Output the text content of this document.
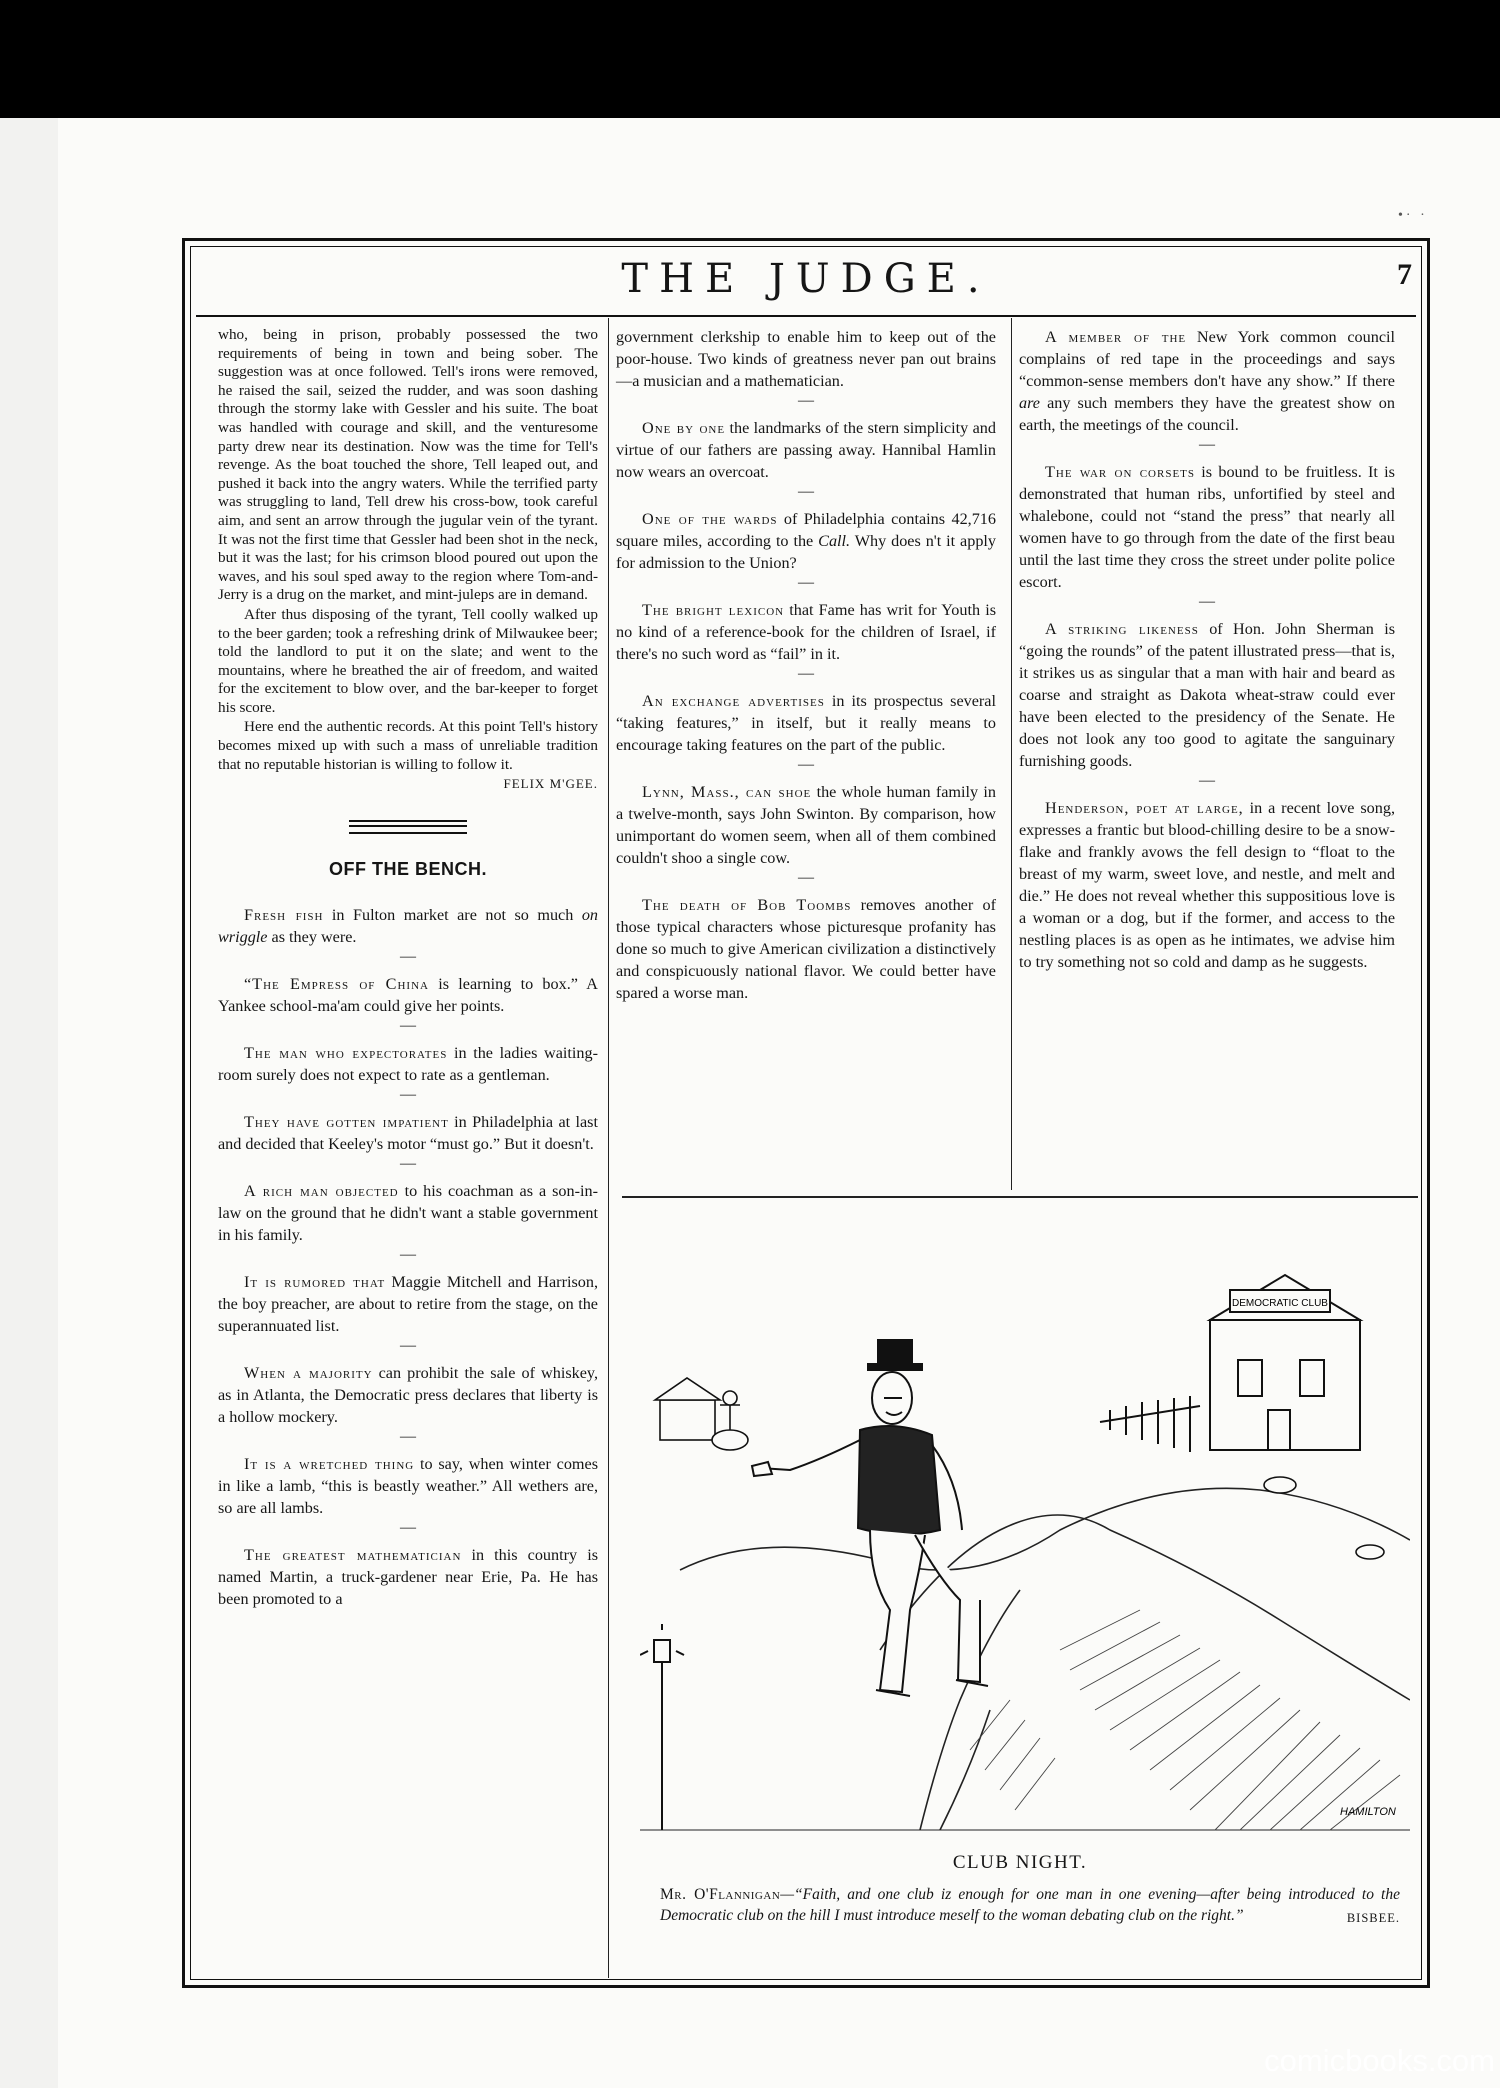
•· ·
THE JUDGE.	7

who, being in prison, probably possessed the two requirements of being in town and being sober. The suggestion was at once followed. Tell's irons were removed, he raised the sail, seized the rudder, and was soon dashing through the stormy lake with Gessler and his suite. The boat was handled with courage and skill, and the venturesome party drew near its destination. Now was the time for Tell's revenge. As the boat touched the shore, Tell leaped out, and pushed it back into the angry waters. While the terrified party was struggling to land, Tell drew his cross-bow, took careful aim, and sent an arrow through the jugular vein of the tyrant. It was not the first time that Gessler had been shot in the neck, but it was the last; for his crimson blood poured out upon the waves, and his soul sped away to the region where Tom-and-Jerry is a drug on the market, and mint-juleps are in demand.

After thus disposing of the tyrant, Tell coolly walked up to the beer garden; took a refreshing drink of Milwaukee beer; told the landlord to put it on the slate; and went to the mountains, where he breathed the air of freedom, and waited for the excitement to blow over, and the bar-keeper to forget his score.

Here end the authentic records. At this point Tell's history becomes mixed up with such a mass of unreliable tradition that no reputable historian is willing to follow it.

FELIX M'GEE.

OFF THE BENCH.

Fresh fish in Fulton market are not so much on wriggle as they were.

—

“The Empress of China is learning to box.” A Yankee school-ma'am could give her points.

—

The man who expectorates in the ladies waiting-room surely does not expect to rate as a gentleman.

—

They have gotten impatient in Philadelphia at last and decided that Keeley's motor “must go.” But it doesn't.

—

A rich man objected to his coachman as a son-in-law on the ground that he didn't want a stable government in his family.

—

It is rumored that Maggie Mitchell and Harrison, the boy preacher, are about to retire from the stage, on the superannuated list.

—

When a majority can prohibit the sale of whiskey, as in Atlanta, the Democratic press declares that liberty is a hollow mockery.

—

It is a wretched thing to say, when winter comes in like a lamb, “this is beastly weather.” All wethers are, so are all lambs.

—

The greatest mathematician in this country is named Martin, a truck-gardener near Erie, Pa. He has been promoted to a

government clerkship to enable him to keep out of the poor-house. Two kinds of greatness never pan out brains—a musician and a mathematician.

—

One by one the landmarks of the stern simplicity and virtue of our fathers are passing away. Hannibal Hamlin now wears an overcoat.

—

One of the wards of Philadelphia contains 42,716 square miles, according to the Call. Why does n't it apply for admission to the Union?

—

The bright lexicon that Fame has writ for Youth is no kind of a reference-book for the children of Israel, if there's no such word as “fail” in it.

—

An exchange advertises in its prospectus several “taking features,” in itself, but it really means to encourage taking features on the part of the public.

—

Lynn, Mass., can shoe the whole human family in a twelve-month, says John Swinton. By comparison, how unimportant do women seem, when all of them combined couldn't shoo a single cow.

—

The death of Bob Toombs removes another of those typical characters whose picturesque profanity has done so much to give American civilization a distinctively and conspicuously national flavor. We could better have spared a worse man.

A member of the New York common council complains of red tape in the proceedings and says “common-sense members don't have any show.” If there are any such members they have the greatest show on earth, the meetings of the council.

—

The war on corsets is bound to be fruitless. It is demonstrated that human ribs, unfortified by steel and whalebone, could not “stand the press” that nearly all women have to go through from the date of the first beau until the last time they cross the street under polite police escort.

—

A striking likeness of Hon. John Sherman is “going the rounds” of the patent illustrated press—that is, it strikes us as singular that a man with hair and beard as coarse and straight as Dakota wheat-straw could ever have been elected to the presidency of the Senate. He does not look any too good to agitate the sanguinary furnishing goods.

—

Henderson, poet at large, in a recent love song, expresses a frantic but blood-chilling desire to be a snow-flake and frankly avows the fell design to “float to the breast of my warm, sweet love, and nestle, and melt and die.” He does not reveal whether this suppositious love is a woman or a dog, but if the former, and access to the nestling places is as open as he intimates, we advise him to try something not so cold and damp as he suggests.

DEMOCRATIC CLUB
HAMILTON
CLUB NIGHT.
Mr. O'Flannigan—“Faith, and one club iz enough for one man in one evening—after being introduced to the Democratic club on the hill I must introduce meself to the woman debating club on the right.”	BISBEE.
comicbooks.com
